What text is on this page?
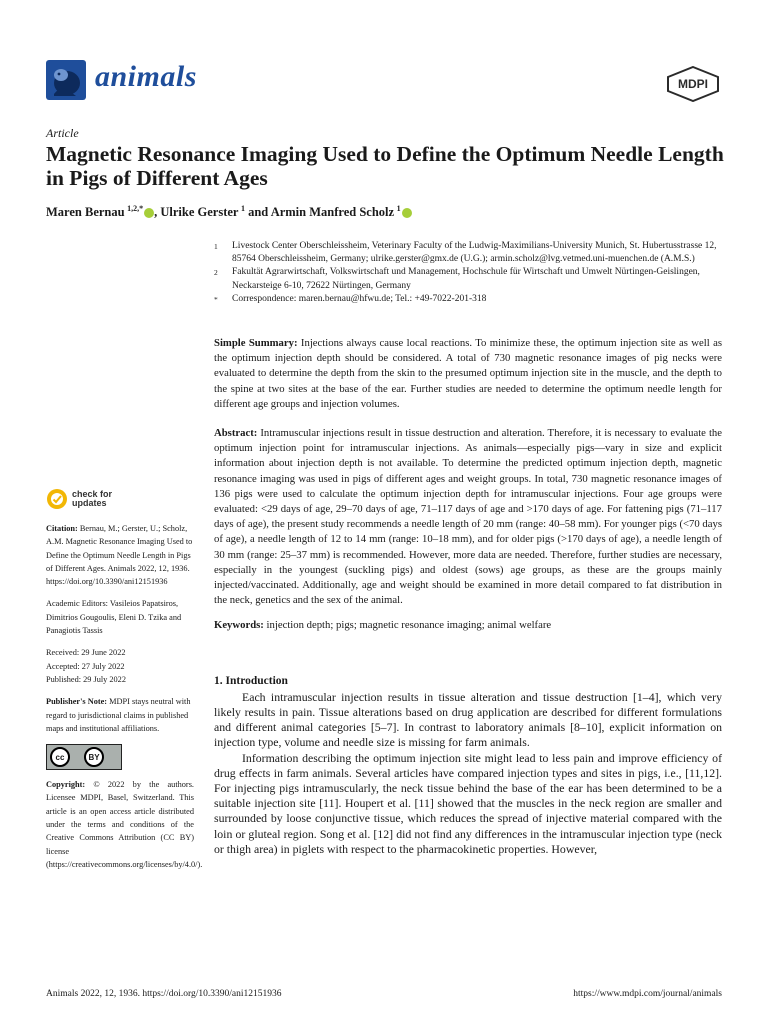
animals	MDPI
Article
Magnetic Resonance Imaging Used to Define the Optimum Needle Length in Pigs of Different Ages
Maren Bernau  $^{1,2,*}$ , Ulrike Gerster  $^1$ and Armin Manfred Scholz  $^1$
1	Livestock Center Oberschleissheim, Veterinary Faculty of the Ludwig-Maximilians-University Munich, St. Hubertusstrasse 12, 85764 Oberschleissheim, Germany; ulrike.gerster@gmx.de (U.G.); armin.scholz@lvg.vetmed.uni-muenchen.de (A.M.S.)
2	Fakultät Agrarwirtschaft, Volkswirtschaft und Management, Hochschule für Wirtschaft und Umwelt Nürtingen-Geislingen, Neckarsteige 6-10, 72622 Nürtingen, Germany
*	Correspondence: maren.bernau@hfwu.de; Tel.: +49-7022-201-318

Simple Summary: Injections always cause local reactions. To minimize these, the optimum injection site as well as the optimum injection depth should be considered. A total of 730 magnetic resonance images of pig necks were evaluated to determine the depth from the skin to the presumed optimum injection site in the muscle, and the depth to the spine at two sites at the base of the ear. Further studies are needed to determine the optimum needle length for different age groups and injection volumes.

Abstract: Intramuscular injections result in tissue destruction and alteration. Therefore, it is necessary to evaluate the optimum injection point for intramuscular injections. As animals—especially pigs—vary in size and explicit information about injection depth is not available. To determine the predicted optimum injection depth, magnetic resonance imaging was used in pigs of different ages and weight groups. In total, 730 magnetic resonance images of 136 pigs were used to calculate the optimum injection depth for intramuscular injections. Four age groups were evaluated: <29 days of age, 29–70 days of age, 71–117 days of age and >170 days of age. For fattening pigs (71–117 days of age), the present study recommends a needle length of 20 mm (range: 40–58 mm). For younger pigs (<70 days of age), a needle length of 12 to 14 mm (range: 10–18 mm), and for older pigs (>170 days of age), a needle length of 30 mm (range: 25–37 mm) is recommended. However, more data are needed. Therefore, further studies are necessary, especially in the youngest (suckling pigs) and oldest (sows) age groups, as these are the groups mainly injected/vaccinated. Additionally, age and weight should be examined in more detail compared to fat distribution in the neck, genetics and the sex of the animal.

Keywords: injection depth; pigs; magnetic resonance imaging; animal welfare

1. Introduction

Each intramuscular injection results in tissue alteration and tissue destruction [1–4], which very likely results in pain. Tissue alterations based on drug application are described for different formulations and different animal categories [5–7]. In contrast to laboratory animals [8–10], explicit information on injection type, volume and needle size is missing for farm animals.

Information describing the optimum injection site might lead to less pain and improve efficiency of drug effects in farm animals. Several articles have compared injection types and sites in pigs, i.e., [11,12]. For injecting pigs intramuscularly, the neck tissue behind the base of the ear has been determined to be a suitable injection site [11]. Houpert et al. [11] showed that the muscles in the neck region are smaller and surrounded by loose conjunctive tissue, which reduces the spread of injective material compared with the loin or gluteal region. Song et al. [12] did not find any differences in the intramuscular injection type (neck or thigh area) in piglets with respect to the pharmacokinetic properties. However,

check for
updates

Citation: Bernau, M.; Gerster, U.; Scholz, A.M. Magnetic Resonance Imaging Used to Define the Optimum Needle Length in Pigs of Different Ages. Animals 2022, 12, 1936. https://doi.org/10.3390/ani12151936

Academic Editors: Vasileios Papatsiros, Dimitrios Gougoulis, Eleni D. Tzika and Panagiotis Tassis

Received: 29 June 2022
Accepted: 27 July 2022
Published: 29 July 2022

Publisher's Note: MDPI stays neutral with regard to jurisdictional claims in published maps and institutional affiliations.

cc	BY

Copyright: © 2022 by the authors. Licensee MDPI, Basel, Switzerland. This article is an open access article distributed under the terms and conditions of the Creative Commons Attribution (CC BY) license (https://creativecommons.org/licenses/by/4.0/).

Animals 2022, 12, 1936. https://doi.org/10.3390/ani12151936	https://www.mdpi.com/journal/animals
